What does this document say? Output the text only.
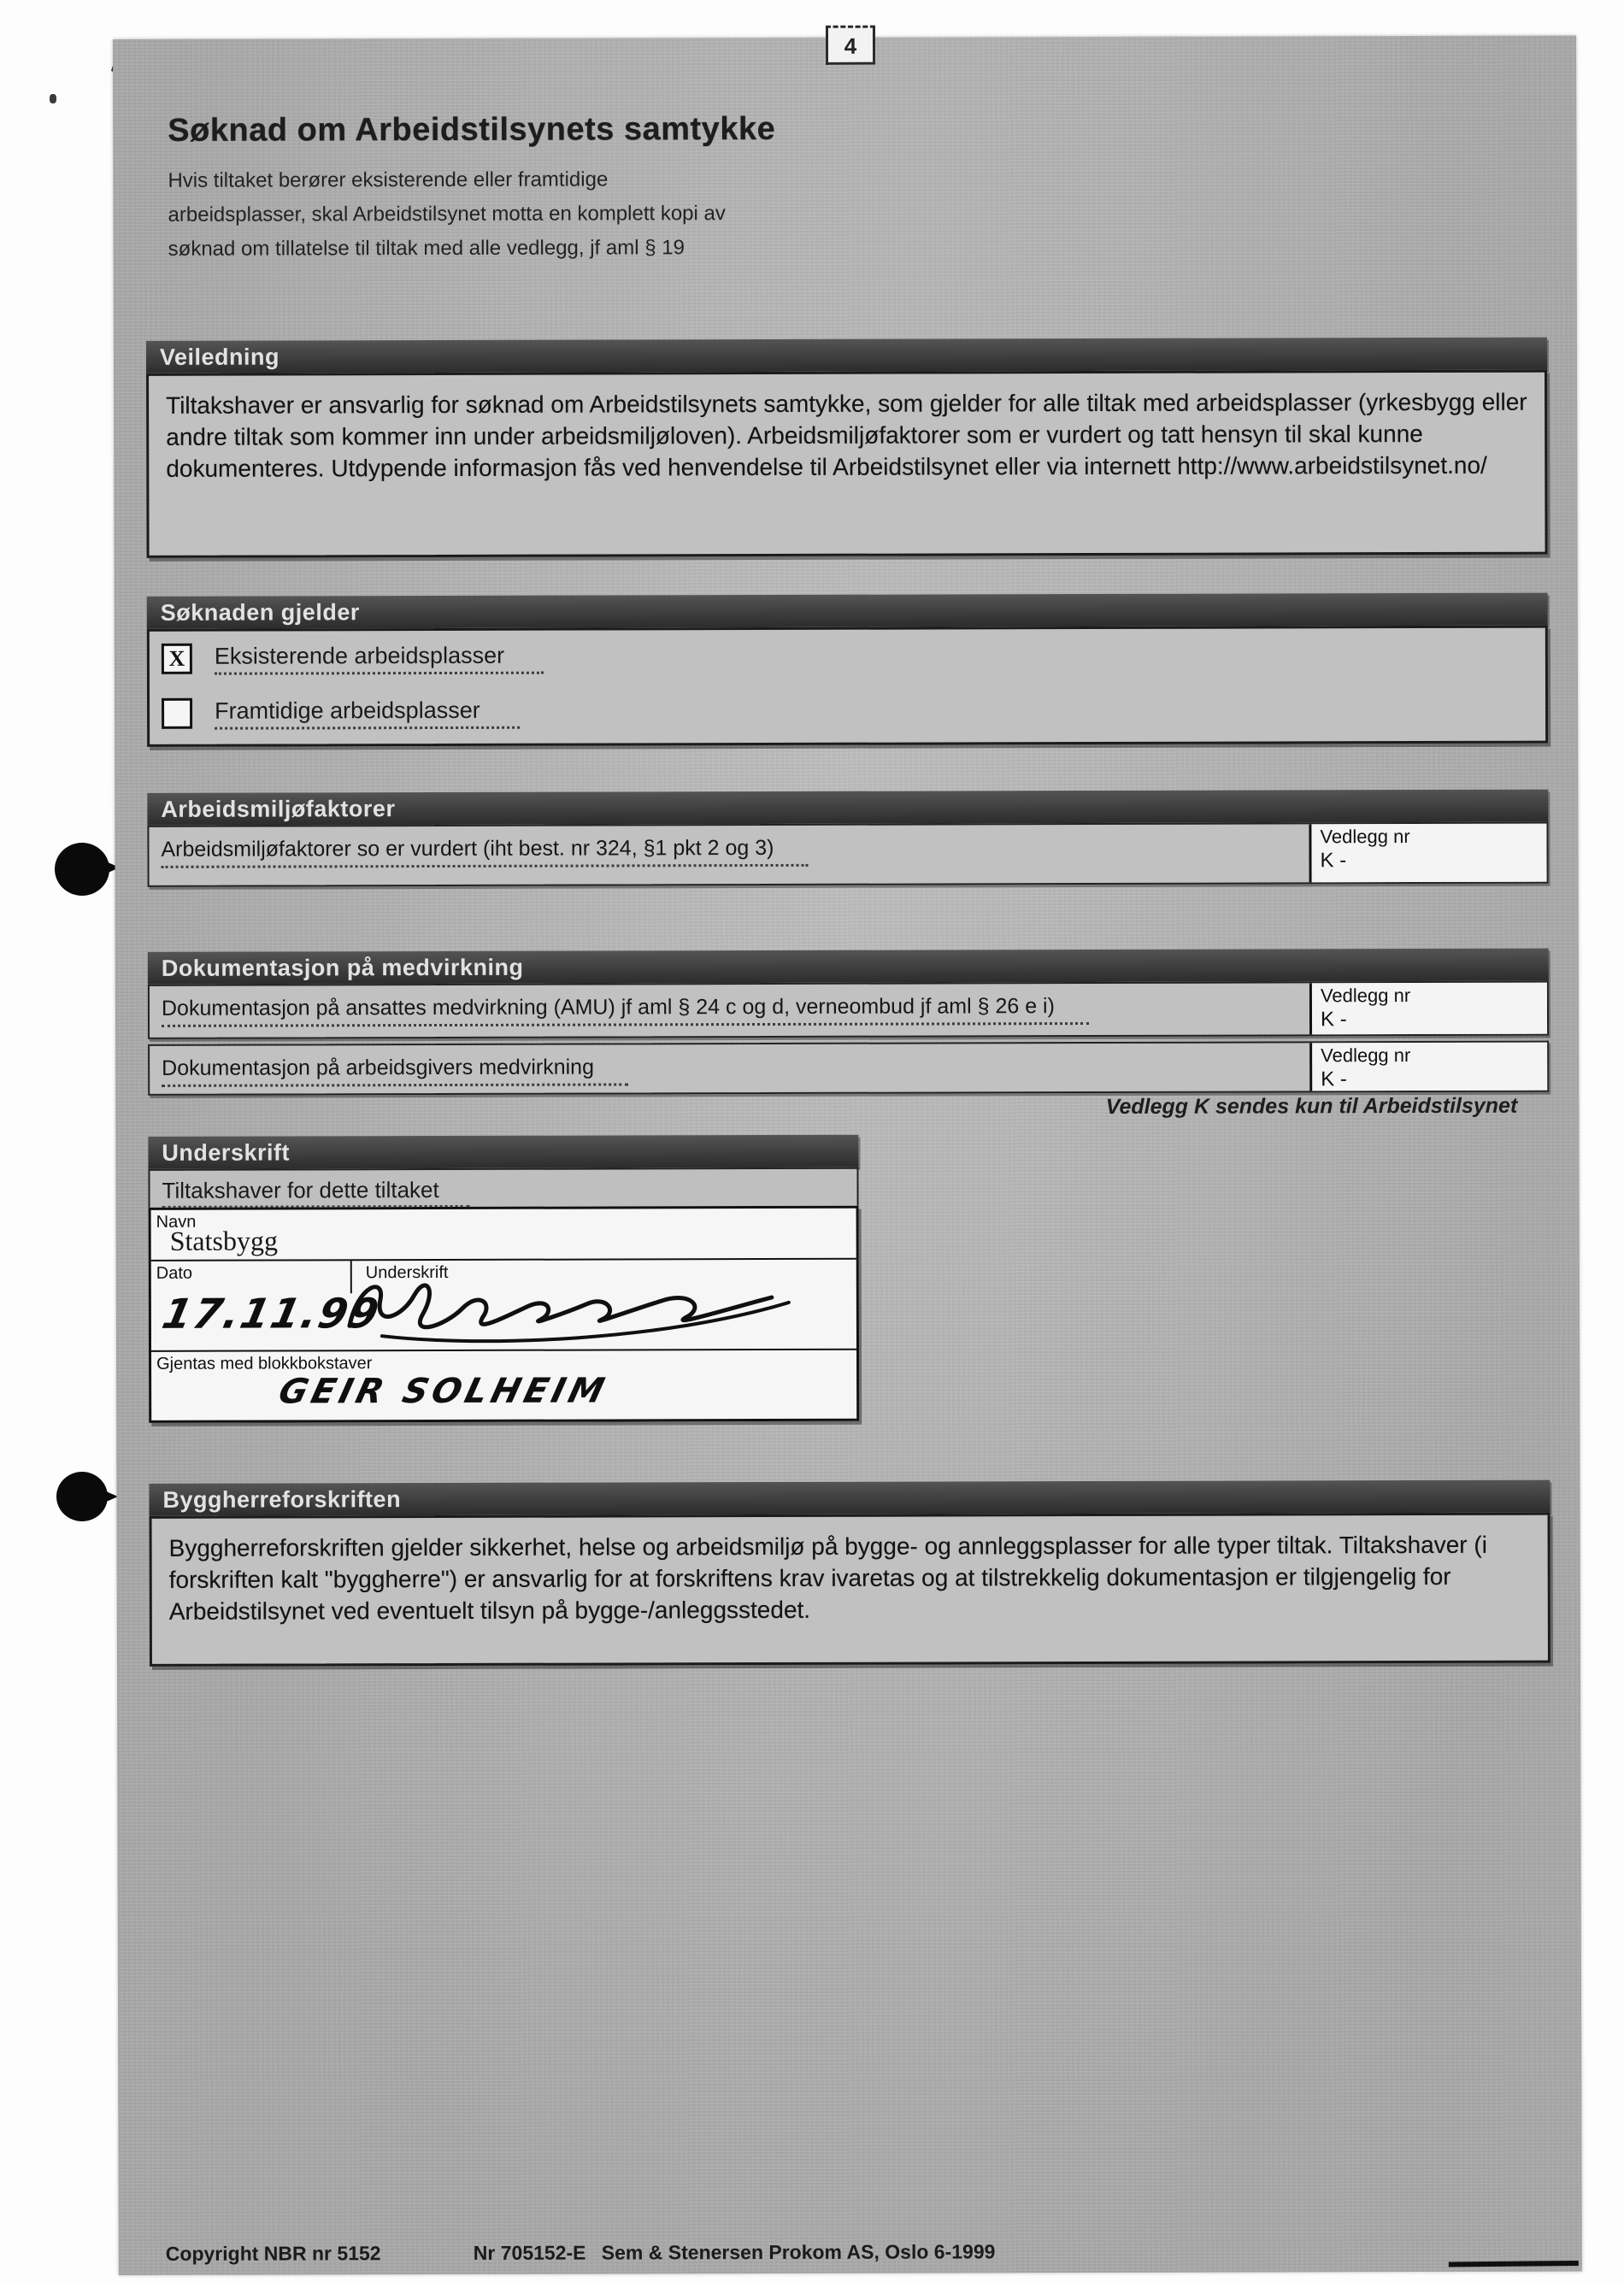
4
Søknad om Arbeidstilsynets samtykke
Hvis tiltaket berører eksisterende eller framtidige
arbeidsplasser, skal Arbeidstilsynet motta en komplett kopi av
søknad om tillatelse til tiltak med alle vedlegg, jf aml § 19
Veiledning

Tiltakshaver er ansvarlig for søknad om Arbeidstilsynets samtykke, som gjelder for alle tiltak med arbeidsplasser (yrkesbygg eller andre tiltak som kommer inn under arbeidsmiljøloven). Arbeidsmiljøfaktorer som er vurdert og tatt hensyn til skal kunne dokumenteres. Utdypende informasjon fås ved henvendelse til Arbeidstilsynet eller via internett http://www.arbeidstilsynet.no/

Søknaden gjelder
X Eksisterende arbeidsplasser
Framtidige arbeidsplasser
Arbeidsmiljøfaktorer
Arbeidsmiljøfaktorer so er vurdert (iht best. nr 324, §1 pkt 2 og 3)	Vedlegg nr
K -
Dokumentasjon på medvirkning
Dokumentasjon på ansattes medvirkning (AMU) jf aml § 24 c og d, verneombud jf aml § 26 e i)	Vedlegg nr
K -
Dokumentasjon på arbeidsgivers medvirkning	Vedlegg nr
K -
Vedlegg K sendes kun til Arbeidstilsynet
Underskrift
Tiltakshaver for dette tiltaket
Navn
Statsbygg
Dato	Underskrift
17.11.99
Gjentas med blokkbokstaver
GEIR SOLHEIM
Byggherreforskriften

Byggherreforskriften gjelder sikkerhet, helse og arbeidsmiljø på bygge- og annleggsplasser for alle typer tiltak. Tiltakshaver (i forskriften kalt "byggherre") er ansvarlig for at forskriftens krav ivaretas og at tilstrekkelig dokumentasjon er tilgjengelig for Arbeidstilsynet ved eventuelt tilsyn på bygge-/anleggsstedet.

Copyright NBR nr 5152	Nr 705152-E Sem & Stenersen Prokom AS, Oslo 6-1999
